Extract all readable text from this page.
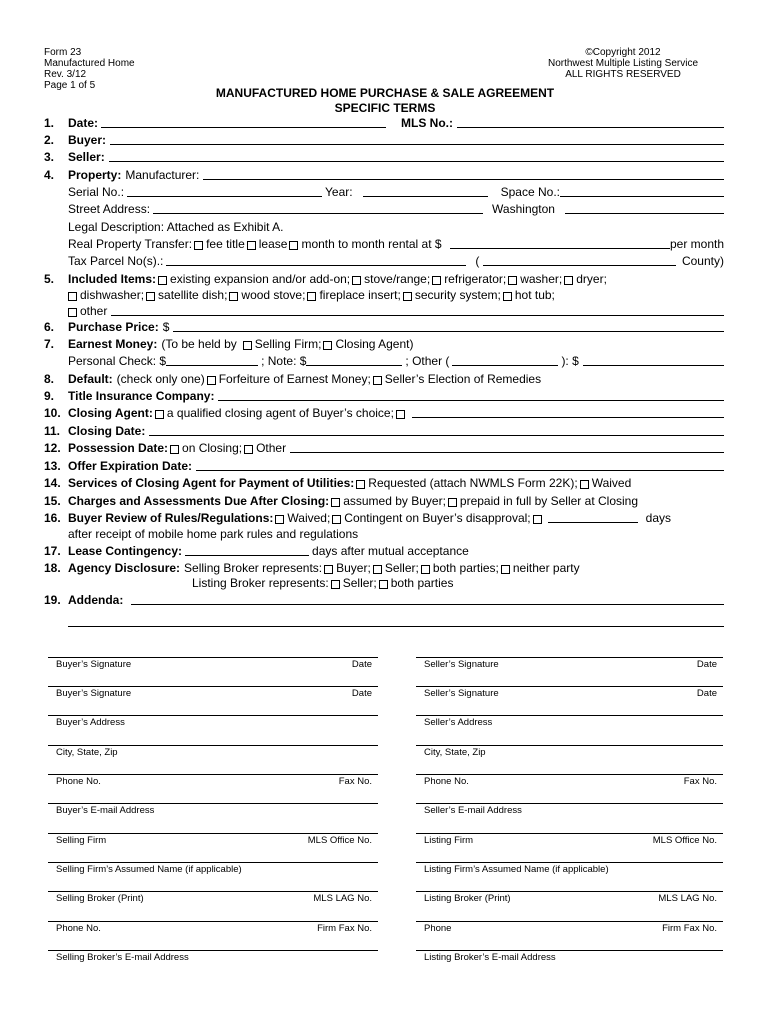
Form 23
Manufactured Home
Rev. 3/12
Page 1 of 5
©Copyright 2012
Northwest Multiple Listing Service
ALL RIGHTS RESERVED
MANUFACTURED HOME PURCHASE & SALE AGREEMENT
SPECIFIC TERMS
1.	Date:	MLS No.:
2.	Buyer:
3.	Seller:
4.	Property: Manufacturer:
Serial No.:	Year:	Space No.:
Street Address:	Washington
Legal Description: Attached as Exhibit A.
Real Property Transfer: fee title lease month to month rental at $	per month
Tax Parcel No(s).:	(	County)
5.	Included Items: existing expansion and/or add-on; stove/range; refrigerator; washer; dryer;
dishwasher; satellite dish; wood stove; fireplace insert; security system; hot tub;
other
6.	Purchase Price: $
7.	Earnest Money: (To be held by Selling Firm; Closing Agent)
Personal Check: $	; Note: $	; Other (	): $
8.	Default: (check only one) Forfeiture of Earnest Money; Seller’s Election of Remedies
9.	Title Insurance Company:
10. Closing Agent: a qualified closing agent of Buyer’s choice;
11. Closing Date:
12. Possession Date: on Closing; Other
13. Offer Expiration Date:
14. Services of Closing Agent for Payment of Utilities: Requested (attach NWMLS Form 22K); Waived
15. Charges and Assessments Due After Closing: assumed by Buyer; prepaid in full by Seller at Closing
16. Buyer Review of Rules/Regulations: Waived; Contingent on Buyer’s disapproval;	days
after receipt of mobile home park rules and regulations
17. Lease Contingency:	days after mutual acceptance
18. Agency Disclosure: Selling Broker represents: Buyer; Seller; both parties; neither party
Listing Broker represents: Seller; both parties
19. Addenda:
Buyer’s Signature	Date
Buyer’s Signature	Date
Buyer’s Address
City, State, Zip
Phone No.	Fax No.
Buyer’s E-mail Address
Selling Firm	MLS Office No.
Selling Firm’s Assumed Name (if applicable)
Selling Broker (Print)	MLS LAG No.
Phone No.	Firm Fax No.
Selling Broker’s E-mail Address
Seller’s Signature	Date
Seller’s Signature	Date
Seller’s Address
City, State, Zip
Phone No.	Fax No.
Seller’s E-mail Address
Listing Firm	MLS Office No.
Listing Firm’s Assumed Name (if applicable)
Listing Broker (Print)	MLS LAG No.
Phone	Firm Fax No.
Listing Broker’s E-mail Address
